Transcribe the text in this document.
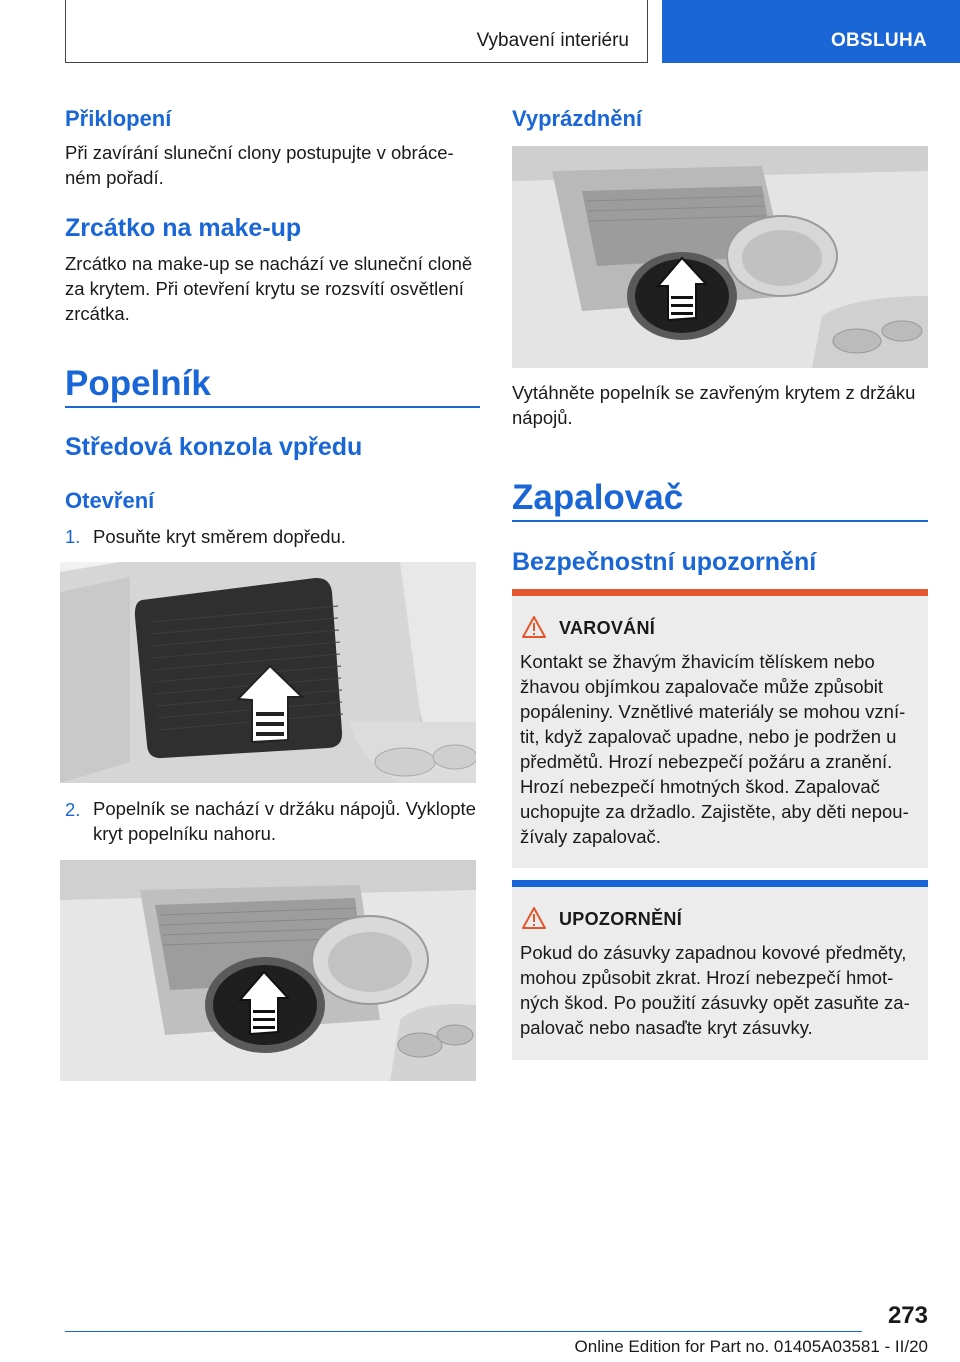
Vybavení interiéru	OBSLUHA
Přiklopení
Při zavírání sluneční clony postupujte v obráce-
ném pořadí.
Zrcátko na make-up
Zrcátko na make-up se nachází ve sluneční cloně
za krytem. Při otevření krytu se rozsvítí osvětlení
zrcátka.
Popelník
Středová konzola vpředu
Otevření
1. Posuňte kryt směrem dopředu.
2. Popelník se nachází v držáku nápojů. Vyklopte
kryt popelníku nahoru.
Vyprázdnění
Vytáhněte popelník se zavřeným krytem z držáku
nápojů.
Zapalovač
Bezpečnostní upozornění
VAROVÁNÍ
Kontakt se žhavým žhavicím tělískem nebo
žhavou objímkou zapalovače může způsobit
popáleniny. Vznětlivé materiály se mohou vzní-
tit, když zapalovač upadne, nebo je podržen u
předmětů. Hrozí nebezpečí požáru a zranění.
Hrozí nebezpečí hmotných škod. Zapalovač
uchopujte za držadlo. Zajistěte, aby děti nepou-
žívaly zapalovač.
UPOZORNĚNÍ
Pokud do zásuvky zapadnou kovové předměty,
mohou způsobit zkrat. Hrozí nebezpečí hmot-
ných škod. Po použití zásuvky opět zasuňte za-
palovač nebo nasaďte kryt zásuvky.
273
Online Edition for Part no. 01405A03581 - II/20
